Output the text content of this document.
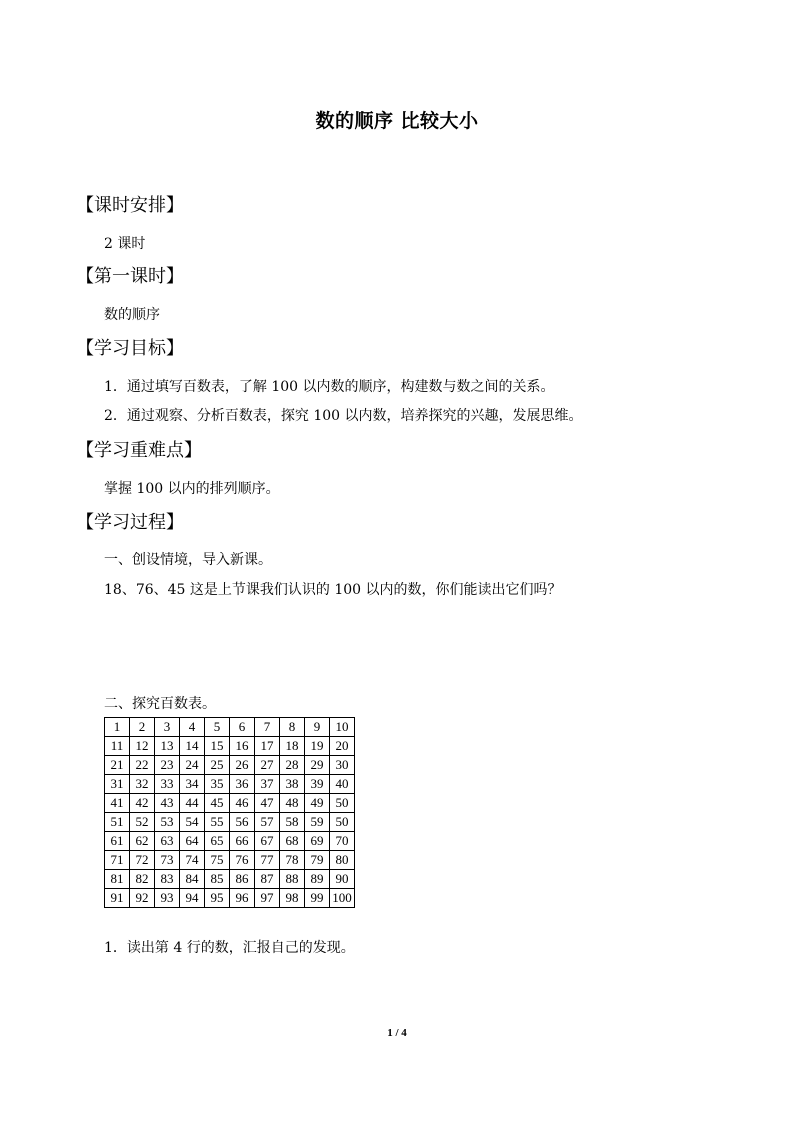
数的顺序 比较大小
【课时安排】
2 课时
【第一课时】
数的顺序
【学习目标】
1．通过填写百数表，了解 100 以内数的顺序，构建数与数之间的关系。
2．通过观察、分析百数表，探究 100 以内数，培养探究的兴趣，发展思维。
【学习重难点】
掌握 100 以内的排列顺序。
【学习过程】
一、创设情境，导入新课。
18、76、45 这是上节课我们认识的 100 以内的数，你们能读出它们吗？
二、探究百数表。
1	2	3	4	5	6	7	8	9	10
11	12	13	14	15	16	17	18	19	20
21	22	23	24	25	26	27	28	29	30
31	32	33	34	35	36	37	38	39	40
41	42	43	44	45	46	47	48	49	50
51	52	53	54	55	56	57	58	59	50
61	62	63	64	65	66	67	68	69	70
71	72	73	74	75	76	77	78	79	80
81	82	83	84	85	86	87	88	89	90
91	92	93	94	95	96	97	98	99	100
1．读出第 4 行的数，汇报自己的发现。
1 / 4
